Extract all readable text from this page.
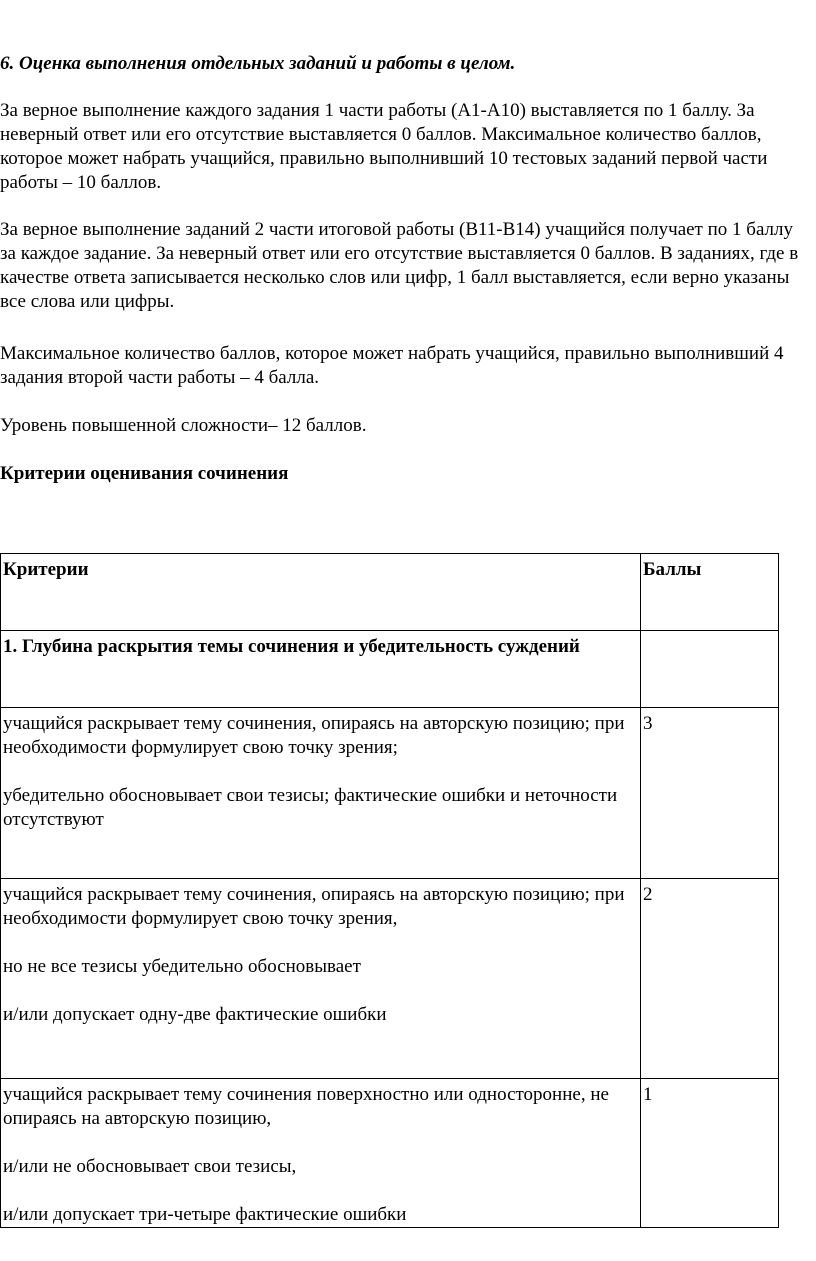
6. Оценка выполнения отдельных заданий и работы в целом.

За верное выполнение каждого задания 1 части работы (А1-А10) выставляется по 1 баллу. За неверный ответ или его отсутствие выставляется 0 баллов. Максимальное количество баллов, которое может набрать учащийся, правильно выполнивший 10 тестовых заданий первой части работы – 10 баллов.

За верное выполнение заданий 2 части итоговой работы (В11-В14) учащийся получает по 1 баллу за каждое задание. За неверный ответ или его отсутствие выставляется 0 баллов. В заданиях, где в качестве ответа записывается несколько слов или цифр, 1 балл выставляется, если верно указаны все слова или цифры.

Максимальное количество баллов, которое может набрать учащийся, правильно выполнивший 4 задания второй части работы – 4 балла.

Уровень повышенной сложности– 12 баллов.

Критерии оценивания сочинения

Критерии	Баллы
1. Глубина раскрытия темы сочинения и убедительность суждений	

учащийся раскрывает тему сочинения, опираясь на авторскую позицию; при необходимости формулирует свою точку зрения;
убедительно обосновывает свои тезисы; фактические ошибки и неточности отсутствуют	3

учащийся раскрывает тему сочинения, опираясь на авторскую позицию; при необходимости формулирует свою точку зрения,
но не все тезисы убедительно обосновывает
и/или допускает одну-две фактические ошибки	2

учащийся раскрывает тему сочинения поверхностно или односторонне, не опираясь на авторскую позицию,
и/или не обосновывает свои тезисы,
и/или допускает три-четыре фактические ошибки	1
